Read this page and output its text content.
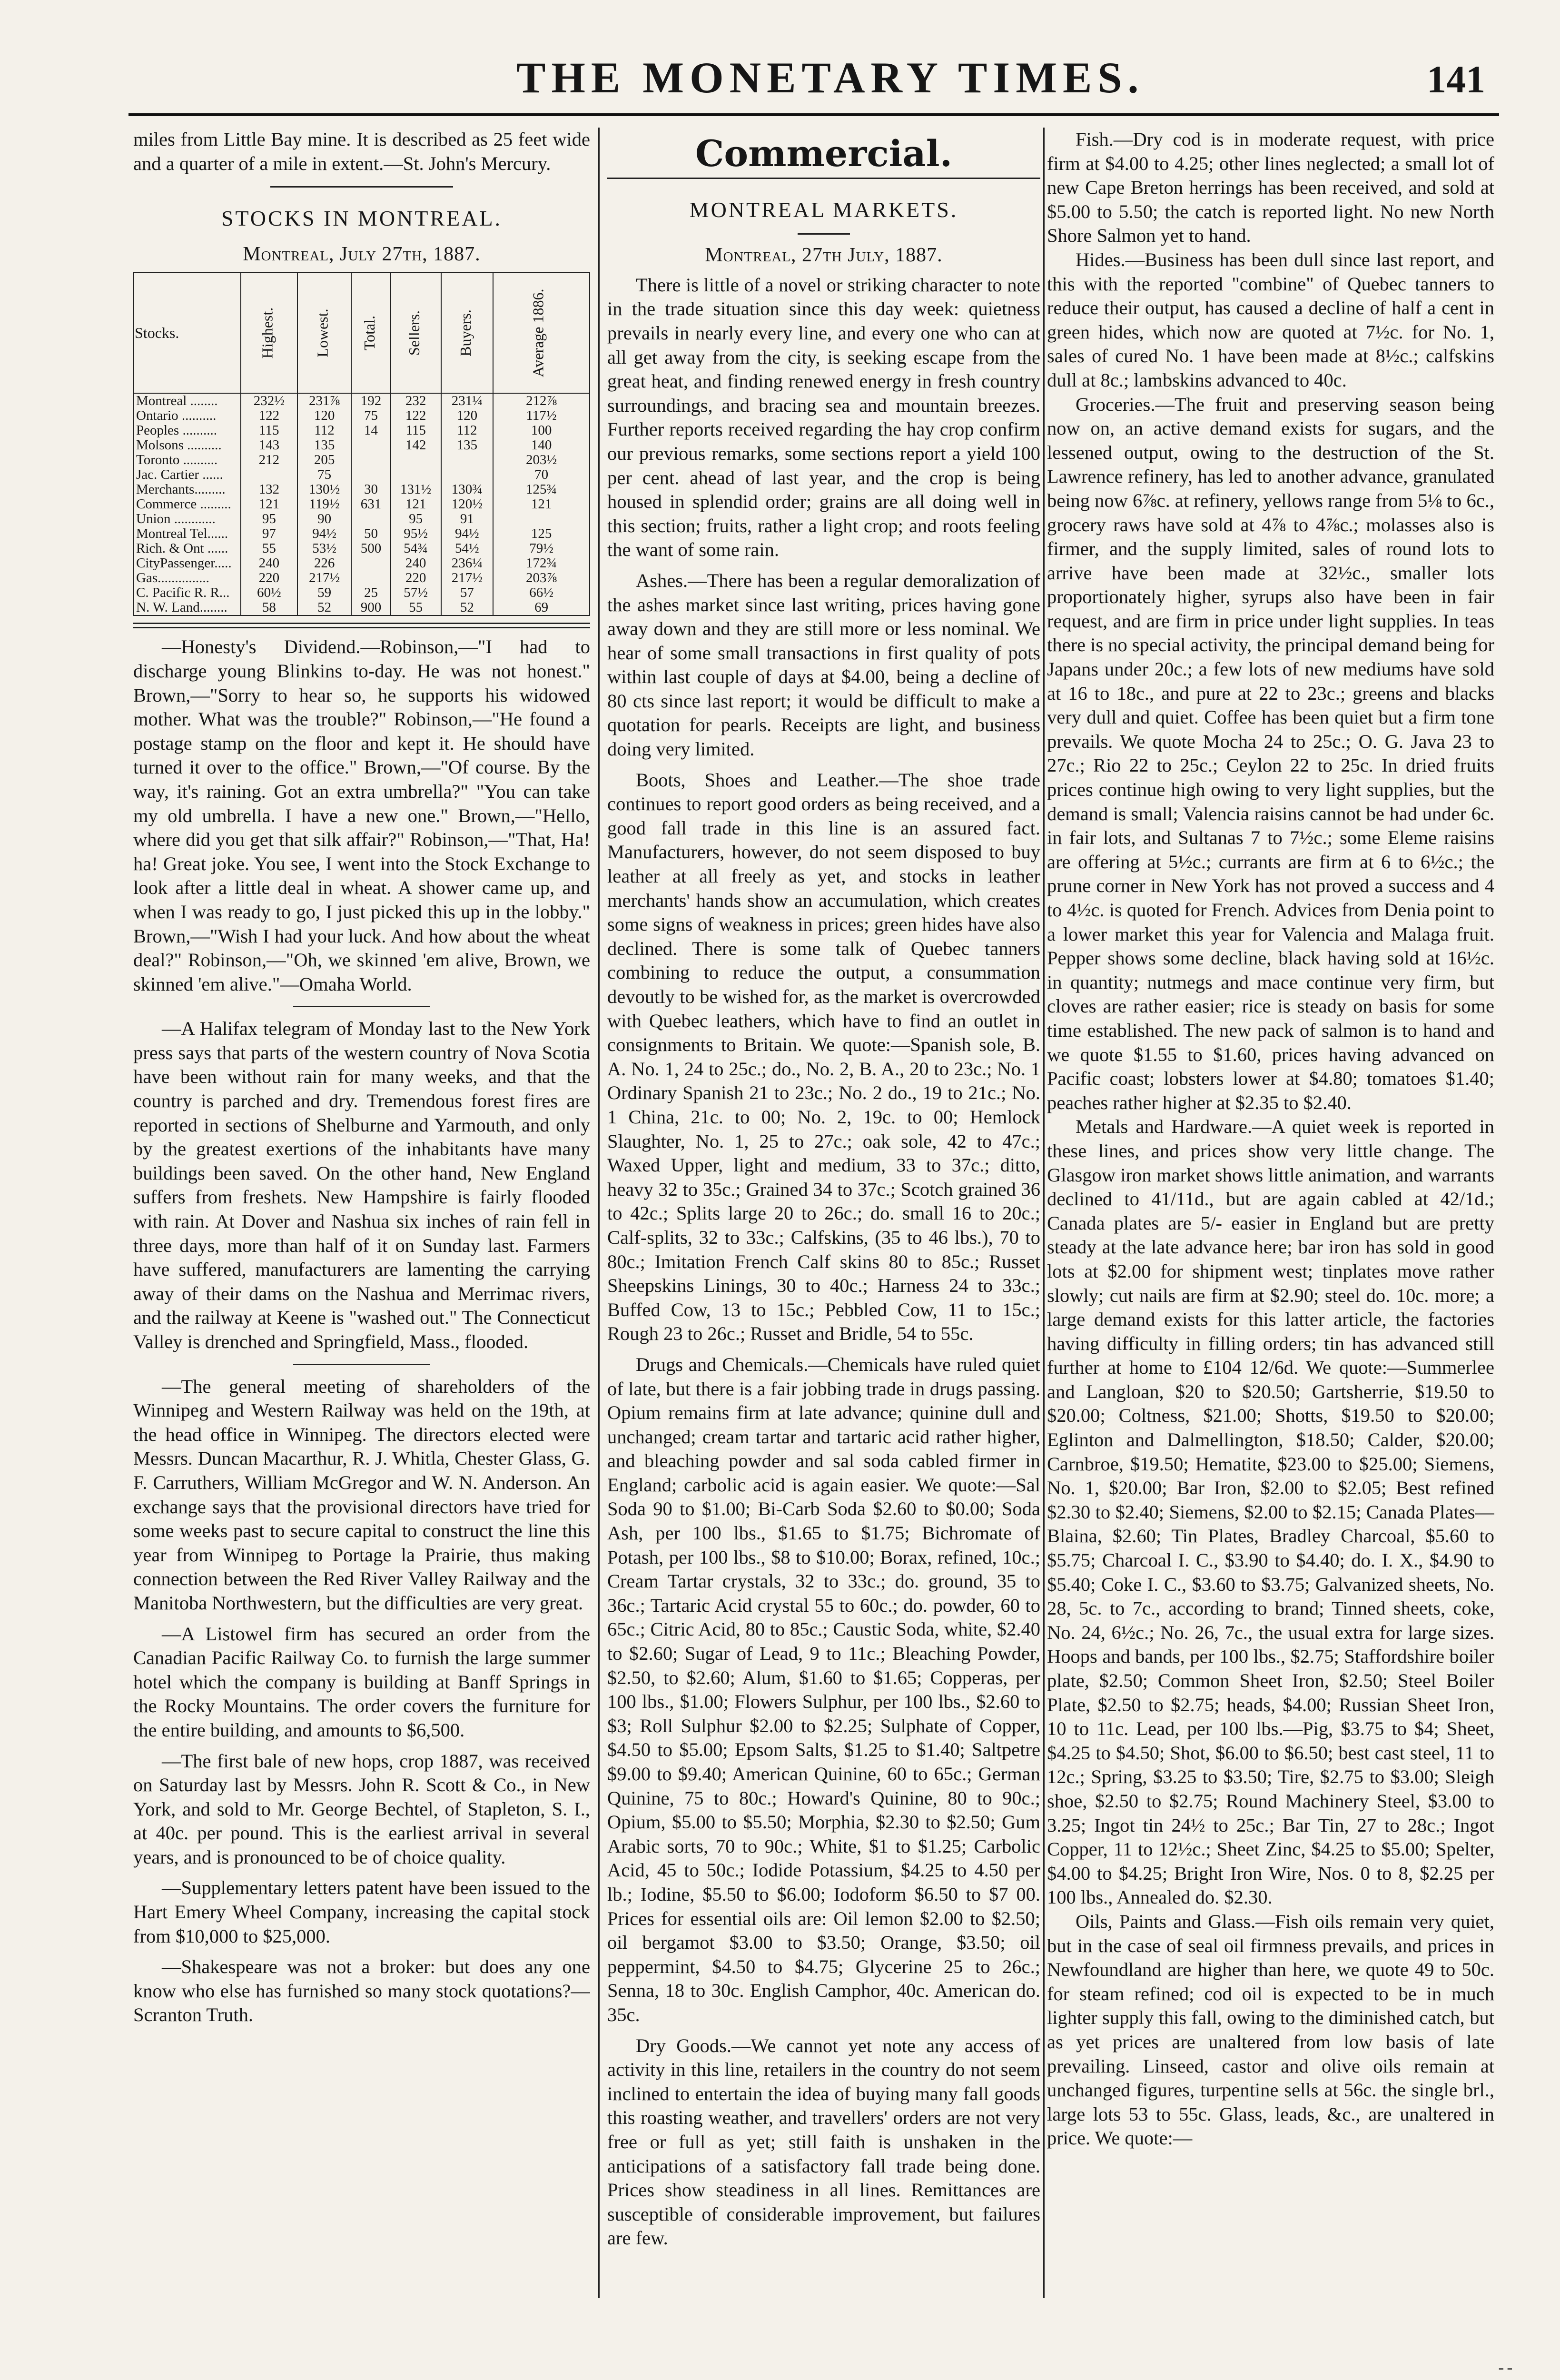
THE MONETARY TIMES.	141

miles from Little Bay mine. It is described as 25 feet wide and a quarter of a mile in extent.—St. John's Mercury.

STOCKS IN MONTREAL.
Montreal, July 27th, 1887.
Stocks.	Highest.	Lowest.	Total.	Sellers.	Buyers.	Average 1886.
Montreal ........	232½	231⅞	192	232	231¼	212⅞
Ontario ..........	122	120	75	122	120	117½
Peoples ..........	115	112	14	115	112	100
Molsons ..........	143	135		142	135	140
Toronto ..........	212	205				203½
Jac. Cartier ......		75				70
Merchants.........	132	130½	30	131½	130¾	125¾
Commerce .........	121	119½	631	121	120½	121
Union ............	95	90		95	91	
Montreal Tel......	97	94½	50	95½	94½	125
Rich. & Ont ......	55	53½	500	54¾	54½	79½
CityPassenger.....	240	226		240	236¼	172¾
Gas...............	220	217½		220	217½	203⅞
C. Pacific R. R...	60½	59	25	57½	57	66½
N. W. Land........	58	52	900	55	52	69

—Honesty's Dividend.—Robinson,—"I had to discharge young Blinkins to-day. He was not honest." Brown,—"Sorry to hear so, he supports his widowed mother. What was the trouble?" Robinson,—"He found a postage stamp on the floor and kept it. He should have turned it over to the office." Brown,—"Of course. By the way, it's raining. Got an extra umbrella?" "You can take my old umbrella. I have a new one." Brown,—"Hello, where did you get that silk affair?" Robinson,—"That, Ha! ha! Great joke. You see, I went into the Stock Exchange to look after a little deal in wheat. A shower came up, and when I was ready to go, I just picked this up in the lobby." Brown,—"Wish I had your luck. And how about the wheat deal?" Robinson,—"Oh, we skinned 'em alive, Brown, we skinned 'em alive."—Omaha World.

—A Halifax telegram of Monday last to the New York press says that parts of the western country of Nova Scotia have been without rain for many weeks, and that the country is parched and dry. Tremendous forest fires are reported in sections of Shelburne and Yarmouth, and only by the greatest exertions of the inhabitants have many buildings been saved. On the other hand, New England suffers from freshets. New Hampshire is fairly flooded with rain. At Dover and Nashua six inches of rain fell in three days, more than half of it on Sunday last. Farmers have suffered, manufacturers are lamenting the carrying away of their dams on the Nashua and Merrimac rivers, and the railway at Keene is "washed out." The Connecticut Valley is drenched and Springfield, Mass., flooded.

—The general meeting of shareholders of the Winnipeg and Western Railway was held on the 19th, at the head office in Winnipeg. The directors elected were Messrs. Duncan Macarthur, R. J. Whitla, Chester Glass, G. F. Carruthers, William McGregor and W. N. Anderson. An exchange says that the provisional directors have tried for some weeks past to secure capital to construct the line this year from Winnipeg to Portage la Prairie, thus making connection between the Red River Valley Railway and the Manitoba Northwestern, but the difficulties are very great.

—A Listowel firm has secured an order from the Canadian Pacific Railway Co. to furnish the large summer hotel which the company is building at Banff Springs in the Rocky Mountains. The order covers the furniture for the entire building, and amounts to $6,500.

—The first bale of new hops, crop 1887, was received on Saturday last by Messrs. John R. Scott & Co., in New York, and sold to Mr. George Bechtel, of Stapleton, S. I., at 40c. per pound. This is the earliest arrival in several years, and is pronounced to be of choice quality.

—Supplementary letters patent have been issued to the Hart Emery Wheel Company, increasing the capital stock from $10,000 to $25,000.

—Shakespeare was not a broker: but does any one know who else has furnished so many stock quotations?—Scranton Truth.

Commercial.
MONTREAL MARKETS.
Montreal, 27th July, 1887.

There is little of a novel or striking character to note in the trade situation since this day week: quietness prevails in nearly every line, and every one who can at all get away from the city, is seeking escape from the great heat, and finding renewed energy in fresh country surroundings, and bracing sea and mountain breezes. Further reports received regarding the hay crop confirm our previous remarks, some sections report a yield 100 per cent. ahead of last year, and the crop is being housed in splendid order; grains are all doing well in this section; fruits, rather a light crop; and roots feeling the want of some rain.

Ashes.—There has been a regular demoralization of the ashes market since last writing, prices having gone away down and they are still more or less nominal. We hear of some small transactions in first quality of pots within last couple of days at $4.00, being a decline of 80 cts since last report; it would be difficult to make a quotation for pearls. Receipts are light, and business doing very limited.

Boots, Shoes and Leather.—The shoe trade continues to report good orders as being received, and a good fall trade in this line is an assured fact. Manufacturers, however, do not seem disposed to buy leather at all freely as yet, and stocks in leather merchants' hands show an accumulation, which creates some signs of weakness in prices; green hides have also declined. There is some talk of Quebec tanners combining to reduce the output, a consummation devoutly to be wished for, as the market is overcrowded with Quebec leathers, which have to find an outlet in consignments to Britain. We quote:—Spanish sole, B. A. No. 1, 24 to 25c.; do., No. 2, B. A., 20 to 23c.; No. 1 Ordinary Spanish 21 to 23c.; No. 2 do., 19 to 21c.; No. 1 China, 21c. to 00; No. 2, 19c. to 00; Hemlock Slaughter, No. 1, 25 to 27c.; oak sole, 42 to 47c.; Waxed Upper, light and medium, 33 to 37c.; ditto, heavy 32 to 35c.; Grained 34 to 37c.; Scotch grained 36 to 42c.; Splits large 20 to 26c.; do. small 16 to 20c.; Calf-splits, 32 to 33c.; Calfskins, (35 to 46 lbs.), 70 to 80c.; Imitation French Calf skins 80 to 85c.; Russet Sheepskins Linings, 30 to 40c.; Harness 24 to 33c.; Buffed Cow, 13 to 15c.; Pebbled Cow, 11 to 15c.; Rough 23 to 26c.; Russet and Bridle, 54 to 55c.

Drugs and Chemicals.—Chemicals have ruled quiet of late, but there is a fair jobbing trade in drugs passing. Opium remains firm at late advance; quinine dull and unchanged; cream tartar and tartaric acid rather higher, and bleaching powder and sal soda cabled firmer in England; carbolic acid is again easier. We quote:—Sal Soda 90 to $1.00; Bi-Carb Soda $2.60 to $0.00; Soda Ash, per 100 lbs., $1.65 to $1.75; Bichromate of Potash, per 100 lbs., $8 to $10.00; Borax, refined, 10c.; Cream Tartar crystals, 32 to 33c.; do. ground, 35 to 36c.; Tartaric Acid crystal 55 to 60c.; do. powder, 60 to 65c.; Citric Acid, 80 to 85c.; Caustic Soda, white, $2.40 to $2.60; Sugar of Lead, 9 to 11c.; Bleaching Powder, $2.50, to $2.60; Alum, $1.60 to $1.65; Copperas, per 100 lbs., $1.00; Flowers Sulphur, per 100 lbs., $2.60 to $3; Roll Sulphur $2.00 to $2.25; Sulphate of Copper, $4.50 to $5.00; Epsom Salts, $1.25 to $1.40; Saltpetre $9.00 to $9.40; American Quinine, 60 to 65c.; German Quinine, 75 to 80c.; Howard's Quinine, 80 to 90c.; Opium, $5.00 to $5.50; Morphia, $2.30 to $2.50; Gum Arabic sorts, 70 to 90c.; White, $1 to $1.25; Carbolic Acid, 45 to 50c.; Iodide Potassium, $4.25 to 4.50 per lb.; Iodine, $5.50 to $6.00; Iodoform $6.50 to $7 00. Prices for essential oils are: Oil lemon $2.00 to $2.50; oil bergamot $3.00 to $3.50; Orange, $3.50; oil peppermint, $4.50 to $4.75; Glycerine 25 to 26c.; Senna, 18 to 30c. English Camphor, 40c. American do. 35c.

Dry Goods.—We cannot yet note any access of activity in this line, retailers in the country do not seem inclined to entertain the idea of buying many fall goods this roasting weather, and travellers' orders are not very free or full as yet; still faith is unshaken in the anticipations of a satisfactory fall trade being done. Prices show steadiness in all lines. Remittances are susceptible of considerable improvement, but failures are few.

Fish.—Dry cod is in moderate request, with price firm at $4.00 to 4.25; other lines neglected; a small lot of new Cape Breton herrings has been received, and sold at $5.00 to 5.50; the catch is reported light. No new North Shore Salmon yet to hand.

Hides.—Business has been dull since last report, and this with the reported "combine" of Quebec tanners to reduce their output, has caused a decline of half a cent in green hides, which now are quoted at 7½c. for No. 1, sales of cured No. 1 have been made at 8½c.; calfskins dull at 8c.; lambskins advanced to 40c.

Groceries.—The fruit and preserving season being now on, an active demand exists for sugars, and the lessened output, owing to the destruction of the St. Lawrence refinery, has led to another advance, granulated being now 6⅞c. at refinery, yellows range from 5⅛ to 6c., grocery raws have sold at 4⅞ to 4⅞c.; molasses also is firmer, and the supply limited, sales of round lots to arrive have been made at 32½c., smaller lots proportionately higher, syrups also have been in fair request, and are firm in price under light supplies. In teas there is no special activity, the principal demand being for Japans under 20c.; a few lots of new mediums have sold at 16 to 18c., and pure at 22 to 23c.; greens and blacks very dull and quiet. Coffee has been quiet but a firm tone prevails. We quote Mocha 24 to 25c.; O. G. Java 23 to 27c.; Rio 22 to 25c.; Ceylon 22 to 25c. In dried fruits prices continue high owing to very light supplies, but the demand is small; Valencia raisins cannot be had under 6c. in fair lots, and Sultanas 7 to 7½c.; some Eleme raisins are offering at 5½c.; currants are firm at 6 to 6½c.; the prune corner in New York has not proved a success and 4 to 4½c. is quoted for French. Advices from Denia point to a lower market this year for Valencia and Malaga fruit. Pepper shows some decline, black having sold at 16½c. in quantity; nutmegs and mace continue very firm, but cloves are rather easier; rice is steady on basis for some time established. The new pack of salmon is to hand and we quote $1.55 to $1.60, prices having advanced on Pacific coast; lobsters lower at $4.80; tomatoes $1.40; peaches rather higher at $2.35 to $2.40.

Metals and Hardware.—A quiet week is reported in these lines, and prices show very little change. The Glasgow iron market shows little animation, and warrants declined to 41/11d., but are again cabled at 42/1d.; Canada plates are 5/- easier in England but are pretty steady at the late advance here; bar iron has sold in good lots at $2.00 for shipment west; tinplates move rather slowly; cut nails are firm at $2.90; steel do. 10c. more; a large demand exists for this latter article, the factories having difficulty in filling orders; tin has advanced still further at home to £104 12/6d. We quote:—Summerlee and Langloan, $20 to $20.50; Gartsherrie, $19.50 to $20.00; Coltness, $21.00; Shotts, $19.50 to $20.00; Eglinton and Dalmellington, $18.50; Calder, $20.00; Carnbroe, $19.50; Hematite, $23.00 to $25.00; Siemens, No. 1, $20.00; Bar Iron, $2.00 to $2.05; Best refined $2.30 to $2.40; Siemens, $2.00 to $2.15; Canada Plates—Blaina, $2.60; Tin Plates, Bradley Charcoal, $5.60 to $5.75; Charcoal I. C., $3.90 to $4.40; do. I. X., $4.90 to $5.40; Coke I. C., $3.60 to $3.75; Galvanized sheets, No. 28, 5c. to 7c., according to brand; Tinned sheets, coke, No. 24, 6½c.; No. 26, 7c., the usual extra for large sizes. Hoops and bands, per 100 lbs., $2.75; Staffordshire boiler plate, $2.50; Common Sheet Iron, $2.50; Steel Boiler Plate, $2.50 to $2.75; heads, $4.00; Russian Sheet Iron, 10 to 11c. Lead, per 100 lbs.—Pig, $3.75 to $4; Sheet, $4.25 to $4.50; Shot, $6.00 to $6.50; best cast steel, 11 to 12c.; Spring, $3.25 to $3.50; Tire, $2.75 to $3.00; Sleigh shoe, $2.50 to $2.75; Round Machinery Steel, $3.00 to 3.25; Ingot tin 24½ to 25c.; Bar Tin, 27 to 28c.; Ingot Copper, 11 to 12½c.; Sheet Zinc, $4.25 to $5.00; Spelter, $4.00 to $4.25; Bright Iron Wire, Nos. 0 to 8, $2.25 per 100 lbs., Annealed do. $2.30.

Oils, Paints and Glass.—Fish oils remain very quiet, but in the case of seal oil firmness prevails, and prices in Newfoundland are higher than here, we quote 49 to 50c. for steam refined; cod oil is expected to be in much lighter supply this fall, owing to the diminished catch, but as yet prices are unaltered from low basis of late prevailing. Linseed, castor and olive oils remain at unchanged figures, turpentine sells at 56c. the single brl., large lots 53 to 55c. Glass, leads, &c., are unaltered in price. We quote:—

╴╴
